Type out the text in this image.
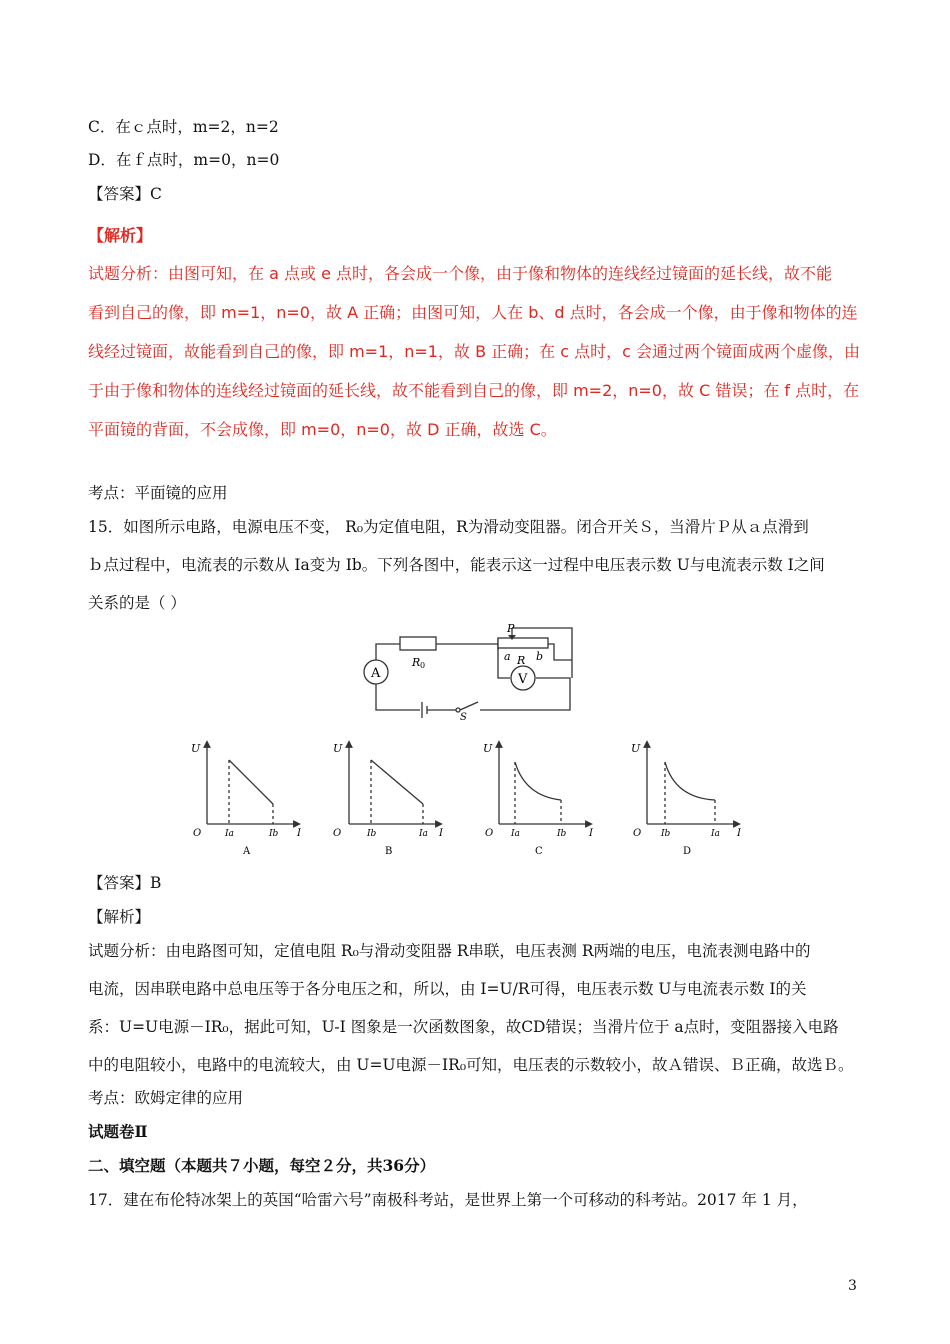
C．在ｃ点时，m=2，n=2
D．在ｆ点时，m=0，n=0
【答案】C
【解析】
试题分析：由图可知，在 a 点或 e 点时，各会成一个像，由于像和物体的连线经过镜面的延长线，故不能
看到自己的像，即 m=1，n=0，故 A 正确；由图可知，人在 b、d 点时，各会成一个像，由于像和物体的连
线经过镜面，故能看到自己的像，即 m=1，n=1，故 B 正确；在 c 点时，c 会通过两个镜面成两个虚像，由
于由于像和物体的连线经过镜面的延长线，故不能看到自己的像，即 m=2，n=0，故 C 错误；在 f 点时，在
平面镜的背面，不会成像，即 m=0，n=0，故 D 正确，故选 C。
考点：平面镜的应用
15．如图所示电路，电源电压不变， R₀为定值电阻，R为滑动变阻器。闭合开关Ｓ，当滑片Ｐ从ａ点滑到
ｂ点过程中，电流表的示数从 Ia变为 Ib。下列各图中，能表示这一过程中电压表示数 U与电流表示数 I之间
关系的是（ ）
A	V
R 0
P
a R b
S
U
O	Ia	Ib I
A
U
O	Ib	Ia I
B
U
O Ia	Ib I
C
U
O Ib	Ia I
D
【答案】B
【解析】
试题分析：由电路图可知，定值电阻 R₀与滑动变阻器 R串联，电压表测 R两端的电压，电流表测电路中的
电流，因串联电路中总电压等于各分电压之和，所以，由 I=U/R可得，电压表示数 U与电流表示数 I的关
系：U=U电源－IR₀，据此可知，U-I 图象是一次函数图象，故CD错误；当滑片位于 a点时，变阻器接入电路
中的电阻较小，电路中的电流较大，由 U=U电源－IR₀可知，电压表的示数较小，故Ａ错误、Ｂ正确，故选Ｂ。
考点：欧姆定律的应用
试题卷Ⅱ
二、填空题（本题共７小题，每空２分，共36分）
17．建在布伦特冰架上的英国“哈雷六号”南极科考站，是世界上第一个可移动的科考站。2017 年 1 月，
3
